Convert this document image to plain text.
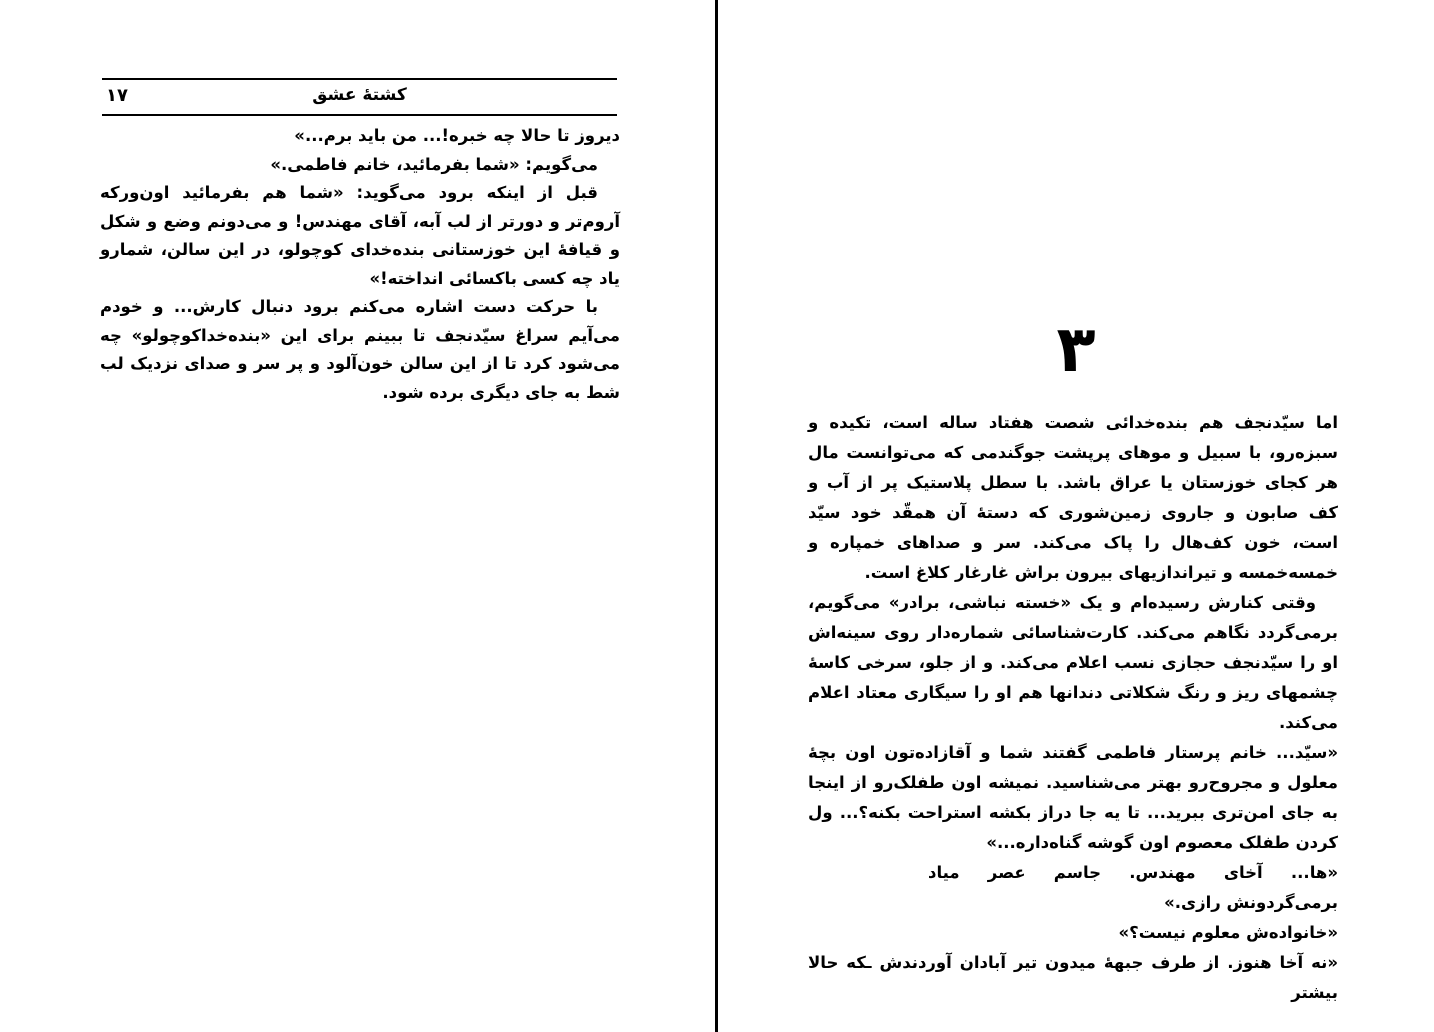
کشتهٔ عشق
۱۷

دیروز تا حالا چه خبره!... من باید برم...»

می‌گویم: «شما بفرمائید، خانم فاطمی.»

قبل از اینکه برود می‌گوید: «شما هم بفرمائید اون‌ورکه آروم‌تر و دورتر از لب آبه، آقای مهندس! و می‌دونم وضع و شکل و قیافهٔ این خوزستانی بنده‌خدای کوچولو، در این سالن، شمارو یاد چه کسی باکسائی انداخته!»

با حرکت دست اشاره می‌کنم برود دنبال کارش... و خودم می‌آیم سراغ سیّدنجف تا ببینم برای این «بنده‌خداکوچولو» چه می‌شود کرد تا از این سالن خون‌آلود و پر سر و صدای نزدیک لب شط به جای دیگری برده شود.

۳

اما سیّدنجف هم بنده‌خدائی شصت هفتاد ساله است، تکیده و سبزه‌رو، با سبیل و موهای پرپشت جوگندمی که می‌توانست مال هر کجای خوزستان یا عراق باشد. با سطل پلاستیک پر از آب و کف صابون و جاروی زمین‌شوری که دستهٔ آن همقّد خود سیّد است، خون کف‌هال را پاک می‌کند. سر و صداهای خمپاره و خمسه‌خمسه و تیراندازیهای بیرون براش غارغار کلاغ است.

وقتی کنارش رسیده‌ام و یک «خسته نباشی، برادر» می‌گویم، برمی‌گردد نگاهم می‌کند. کارت‌شناسائی شماره‌دار روی سینه‌اش او را سیّدنجف حجازی نسب اعلام می‌کند. و از جلو، سرخی کاسهٔ چشمهای ریز و رنگ شکلاتی دندانها هم او را سیگاری معتاد اعلام می‌کند.

«سیّد... خانم پرستار فاطمی گفتند شما و آقازاده‌تون اون بچهٔ معلول و مجروح‌رو بهتر می‌شناسید. نمیشه اون طفلک‌رو از اینجا به جای امن‌تری ببرید... تا یه جا دراز بکشه استراحت بکنه؟... ول کردن طفلک معصوم اون گوشه گناه‌داره...»

«ها... آخای مهندس. جاسم عصر میاد برمی‌گردونش رازی.»

«خانواده‌ش معلوم نیست؟»

«نه آخا هنوز. از طرف جبههٔ میدون تیر آبادان آوردندش ـکه حالا بیشتر
